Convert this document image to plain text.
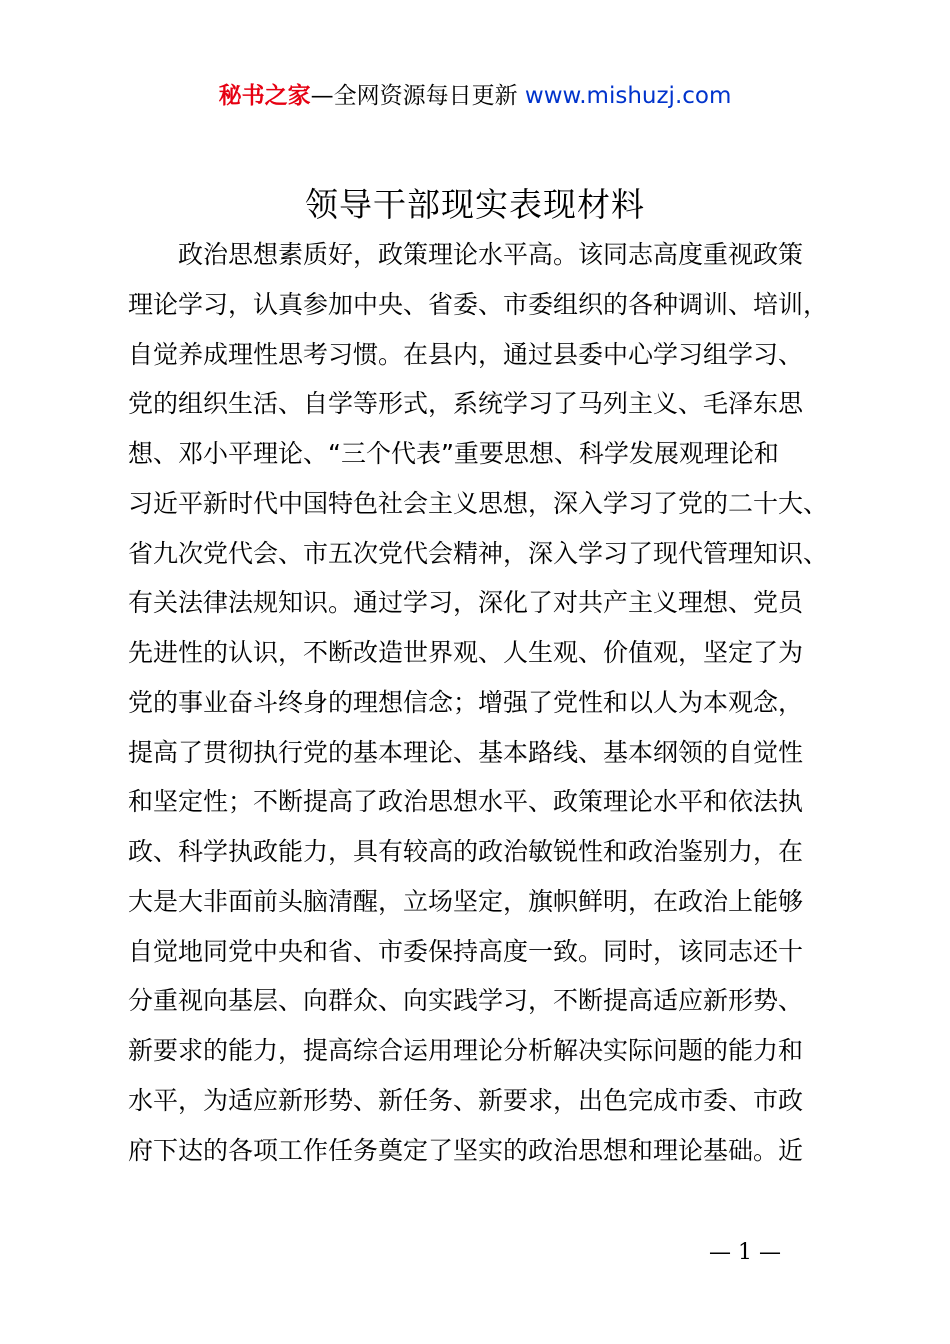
秘书之家—全网资源每日更新 www.mishuzj.com
领导干部现实表现材料
政治思想素质好，政策理论水平高。该同志高度重视政策
理论学习，认真参加中央、省委、市委组织的各种调训、培训，
自觉养成理性思考习惯。在县内，通过县委中心学习组学习、
党的组织生活、自学等形式，系统学习了马列主义、毛泽东思
想、邓小平理论、“三个代表”重要思想、科学发展观理论和
习近平新时代中国特色社会主义思想，深入学习了党的二十大、
省九次党代会、市五次党代会精神，深入学习了现代管理知识、
有关法律法规知识。通过学习，深化了对共产主义理想、党员
先进性的认识，不断改造世界观、人生观、价值观，坚定了为
党的事业奋斗终身的理想信念；增强了党性和以人为本观念，
提高了贯彻执行党的基本理论、基本路线、基本纲领的自觉性
和坚定性；不断提高了政治思想水平、政策理论水平和依法执
政、科学执政能力，具有较高的政治敏锐性和政治鉴别力，在
大是大非面前头脑清醒，立场坚定，旗帜鲜明，在政治上能够
自觉地同党中央和省、市委保持高度一致。同时，该同志还十
分重视向基层、向群众、向实践学习，不断提高适应新形势、
新要求的能力，提高综合运用理论分析解决实际问题的能力和
水平，为适应新形势、新任务、新要求，出色完成市委、市政
府下达的各项工作任务奠定了坚实的政治思想和理论基础。近
— 1 —
